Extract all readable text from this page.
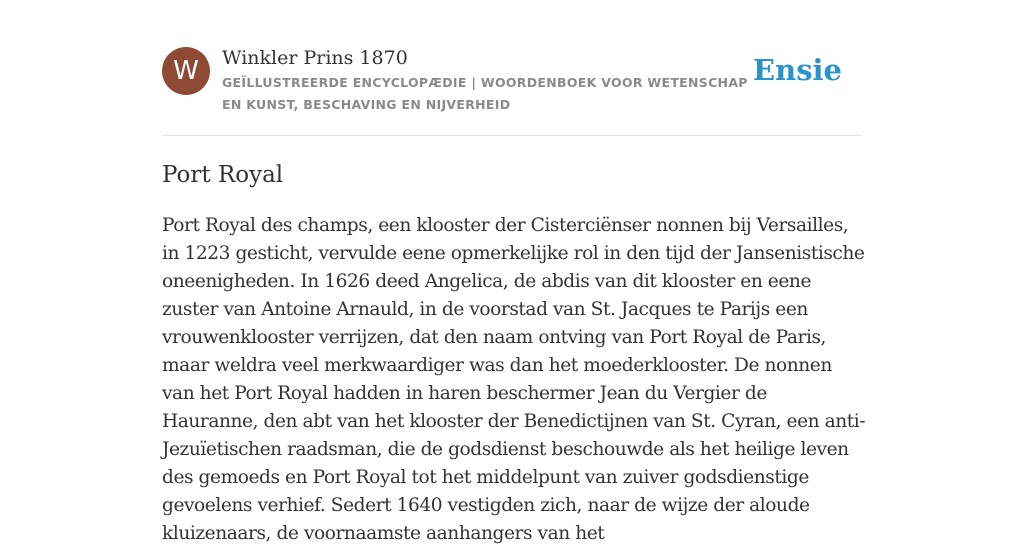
W	Winkler Prins 1870
GEÏLLUSTREERDE ENCYCLOPÆDIE | WOORDENBOEK VOOR WETENSCHAP EN KUNST, BESCHAVING EN NIJVERHEID
Ensie
Port Royal

Port Royal des champs, een klooster der Cisterciënser nonnen bij Versailles, in 1223 gesticht, vervulde eene opmerkelijke rol in den tijd der Jansenistische oneenigheden. In 1626 deed Angelica, de abdis van dit klooster en eene zuster van Antoine Arnauld, in de voorstad van St. Jacques te Parijs een vrouwenklooster verrijzen, dat den naam ontving van Port Royal de Paris, maar weldra veel merkwaardiger was dan het moederklooster. De nonnen van het Port Royal hadden in haren beschermer Jean du Vergier de Hauranne, den abt van het klooster der Benedictijnen van St. Cyran, een anti-Jezuïetischen raadsman, die de godsdienst beschouwde als het heilige leven des gemoeds en Port Royal tot het middelpunt van zuiver godsdienstige gevoelens verhief. Sedert 1640 vestigden zich, naar de wijze der aloude kluizenaars, de voornaamste aanhangers van het
